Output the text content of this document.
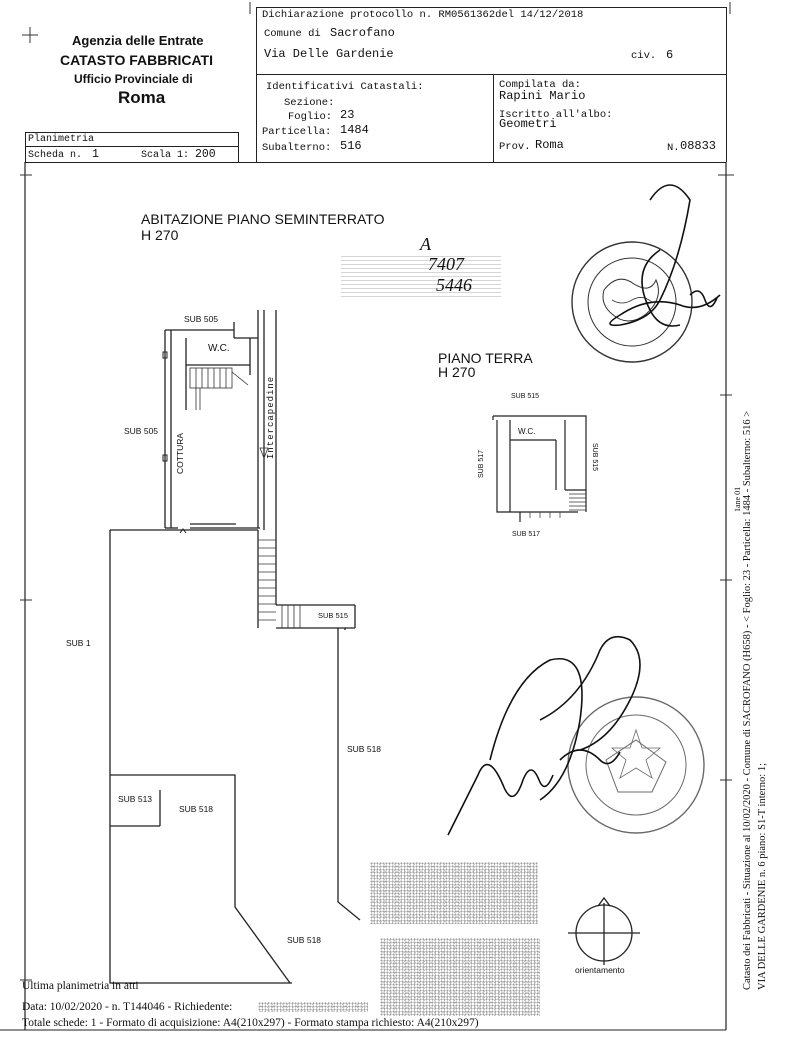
Agenzia delle Entrate
CATASTO FABBRICATI
Ufficio Provinciale di
Roma
Dichiarazione protocollo n. RM0561362del 14/12/2018
Comune di Sacrofano
Via Delle Gardenie	civ. 6
Identificativi Catastali:
Sezione:
Foglio: 23
Particella: 1484
Subalterno: 516
Compilata da:
Rapini Mario
Iscritto all'albo:
Geometri
Prov. Roma	N. 08833
Planimetria
Scheda n. 1	Scala 1: 200
ABITAZIONE PIANO SEMINTERRATO
H 270	A
7407
5446
PIANO TERRA
H 270
SUB 505
W.C.
SUB 505
COTTURA	Intercapedine
SUB 1
SUB 515
SUB 518
SUB 513
SUB 518
SUB 518
SUB 515
W.C.
SUB 517	SUB 515
SUB 517
orientamento	Catasto dei Fabbricati - Situazione al 10/02/2020 - Comune di SACROFANO (H658) - < Foglio: 23 - Particella: 1484 - Subalterno: 516 > VIA DELLE GARDENIE n. 6 piano: S1-T interno: 1;
1ane 01
Ultima planimetria in atti
Data: 10/02/2020 - n. T144046 - Richiedente:
Totale schede: 1 - Formato di acquisizione: A4(210x297) - Formato stampa richiesto: A4(210x297)
